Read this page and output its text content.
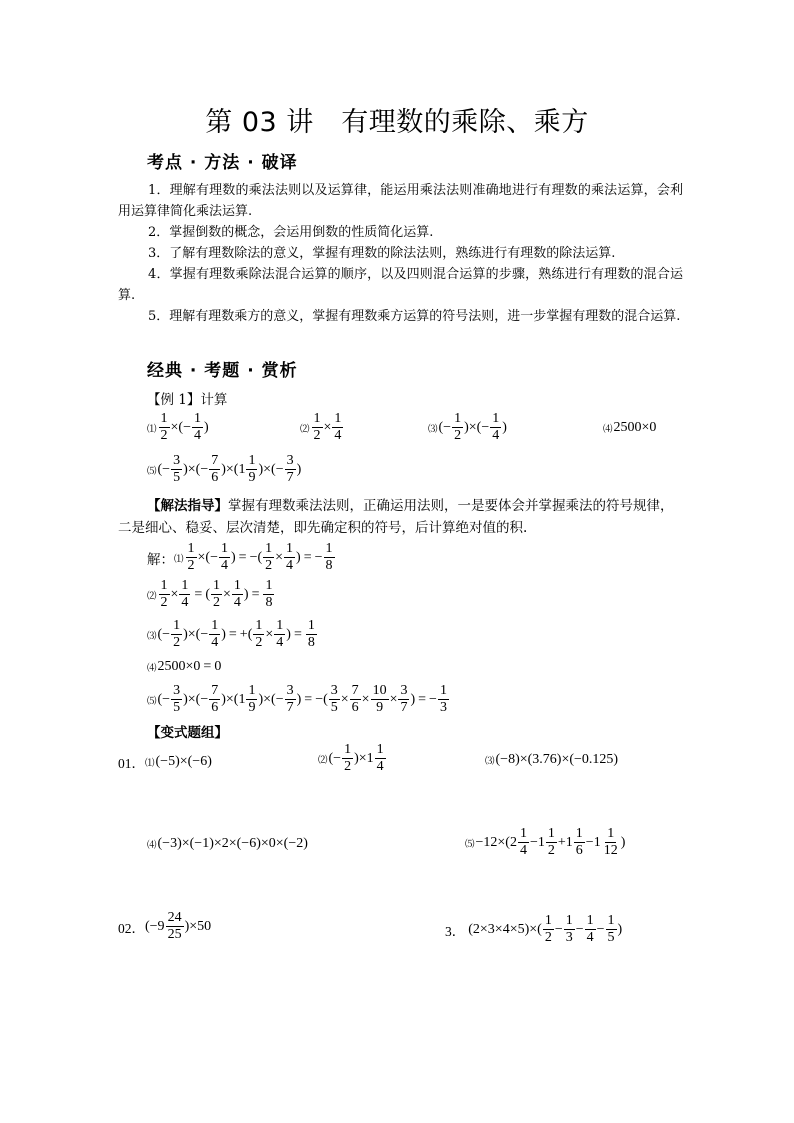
第 03 讲　有理数的乘除、乘方
考点 · 方法 · 破译
1．理解有理数的乘法法则以及运算律，能运用乘法法则准确地进行有理数的乘法运算，会利用运算律简化乘法运算.
2．掌握倒数的概念，会运用倒数的性质简化运算.
3．了解有理数除法的意义，掌握有理数的除法法则，熟练进行有理数的除法运算.
4．掌握有理数乘除法混合运算的顺序，以及四则混合运算的步骤，熟练进行有理数的混合运算.
5．理解有理数乘方的意义，掌握有理数乘方运算的符号法则，进一步掌握有理数的混合运算.
经典 · 考题 · 赏析
【例 1】计算
⑴ $\frac{1}{2}$ × (− $\frac{1}{4}$ )	⑵ $\frac{1}{2} \times \frac{1}{4}$	⑶ (− $\frac{1}{2}$ ) × (− $\frac{1}{4}$ )	⑷ 2500 × 0
⑸ (− $\frac{3}{5}$ ) × (− $\frac{7}{6}$ ) × ( $1 \frac{1}{9}$ ) × (− $\frac{3}{7}$ )
【解法指导】掌握有理数乘法法则，正确运用法则，一是要体会并掌握乘法的符号规律，
二是细心、稳妥、层次清楚，即先确定积的符号，后计算绝对值的积.
解： ⑴ $\frac{1}{2}$ × (− $\frac{1}{4}$ ) = −( $\frac{1}{2} \times \frac{1}{4}$ ) = − $\frac{1}{8}$
⑵ $\frac{1}{2} \times \frac{1}{4}$ = ( $\frac{1}{2} \times \frac{1}{4}$ ) = $\frac{1}{8}$
⑶ (− $\frac{1}{2}$ ) × (− $\frac{1}{4}$ ) = +( $\frac{1}{2} \times \frac{1}{4}$ ) = $\frac{1}{8}$
⑷ 2500 × 0 = 0
⑸ (− $\frac{3}{5}$ ) × (− $\frac{7}{6}$ ) × ( $1 \frac{1}{9}$ ) × (− $\frac{3}{7}$ ) = −( $\frac{3}{5} \times \frac{7}{6} \times \frac{10}{9} \times \frac{3}{7}$ ) = − $\frac{1}{3}$
【变式题组】
01． ⑴ (−5)×(−6)	⑵ (− $\frac{1}{2}$ ) × $1 \frac{1}{4}$	⑶ (−8)×(3.76)×(−0.125)
⑷ (−3)×(−1)×2×(−6)×0×(−2)	⑸ $-12\times(2 \frac{1}{4} - 1 \frac{1}{2} + 1 \frac{1}{6} - 1 \frac{1}{12}$ )
02． $(-9 \frac{24}{25} )\times 50$	3． $(2\times 3\times 4\times 5)\times( \frac{1}{2} - \frac{1}{3} - \frac{1}{4} - \frac{1}{5}$ )
